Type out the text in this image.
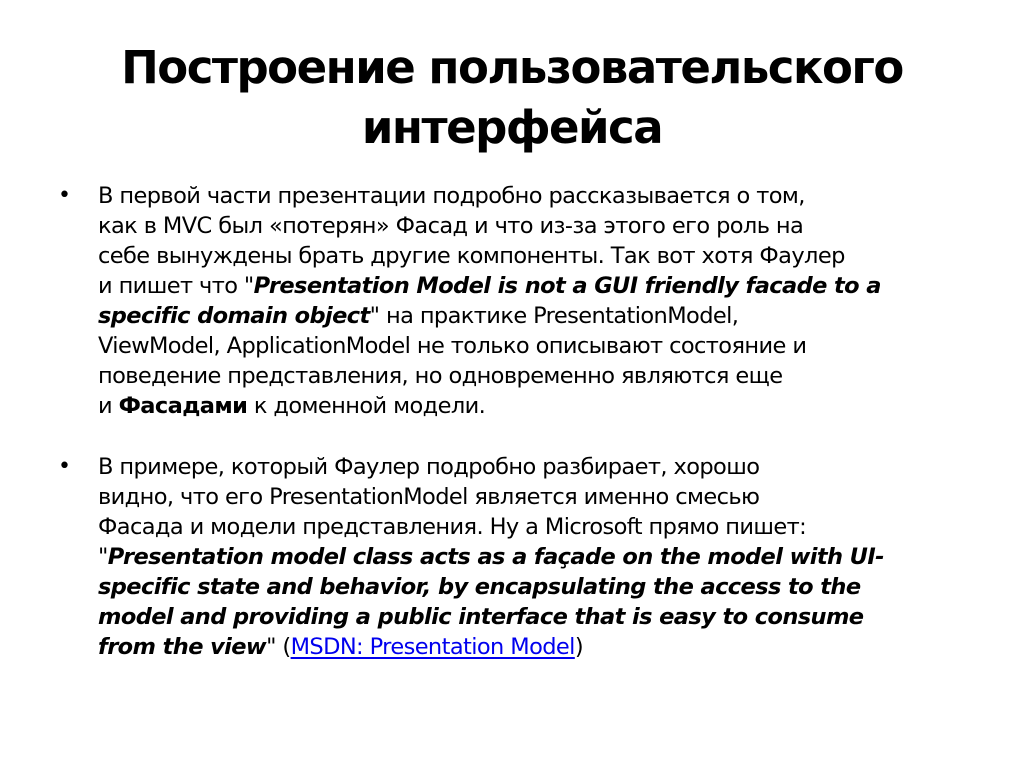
Построение пользовательского
интерфейса
•	В первой части презентации подробно рассказывается о том,
как в MVC был «потерян» Фасад и что из-за этого его роль на
себе вынуждены брать другие компоненты. Так вот хотя Фаулер
и пишет что "Presentation Model is not a GUI friendly facade to a
specific domain object" на практике PresentationModel,
ViewModel, ApplicationModel не только описывают состояние и
поведение представления, но одновременно являются еще
и Фасадами к доменной модели.
•	В примере, который Фаулер подробно разбирает, хорошо
видно, что его PresentationModel является именно смесью
Фасада и модели представления. Ну а Microsoft прямо пишет:
"Presentation model class acts as a façade on the model with UI-
specific state and behavior, by encapsulating the access to the
model and providing a public interface that is easy to consume
from the view" (MSDN: Presentation Model)
